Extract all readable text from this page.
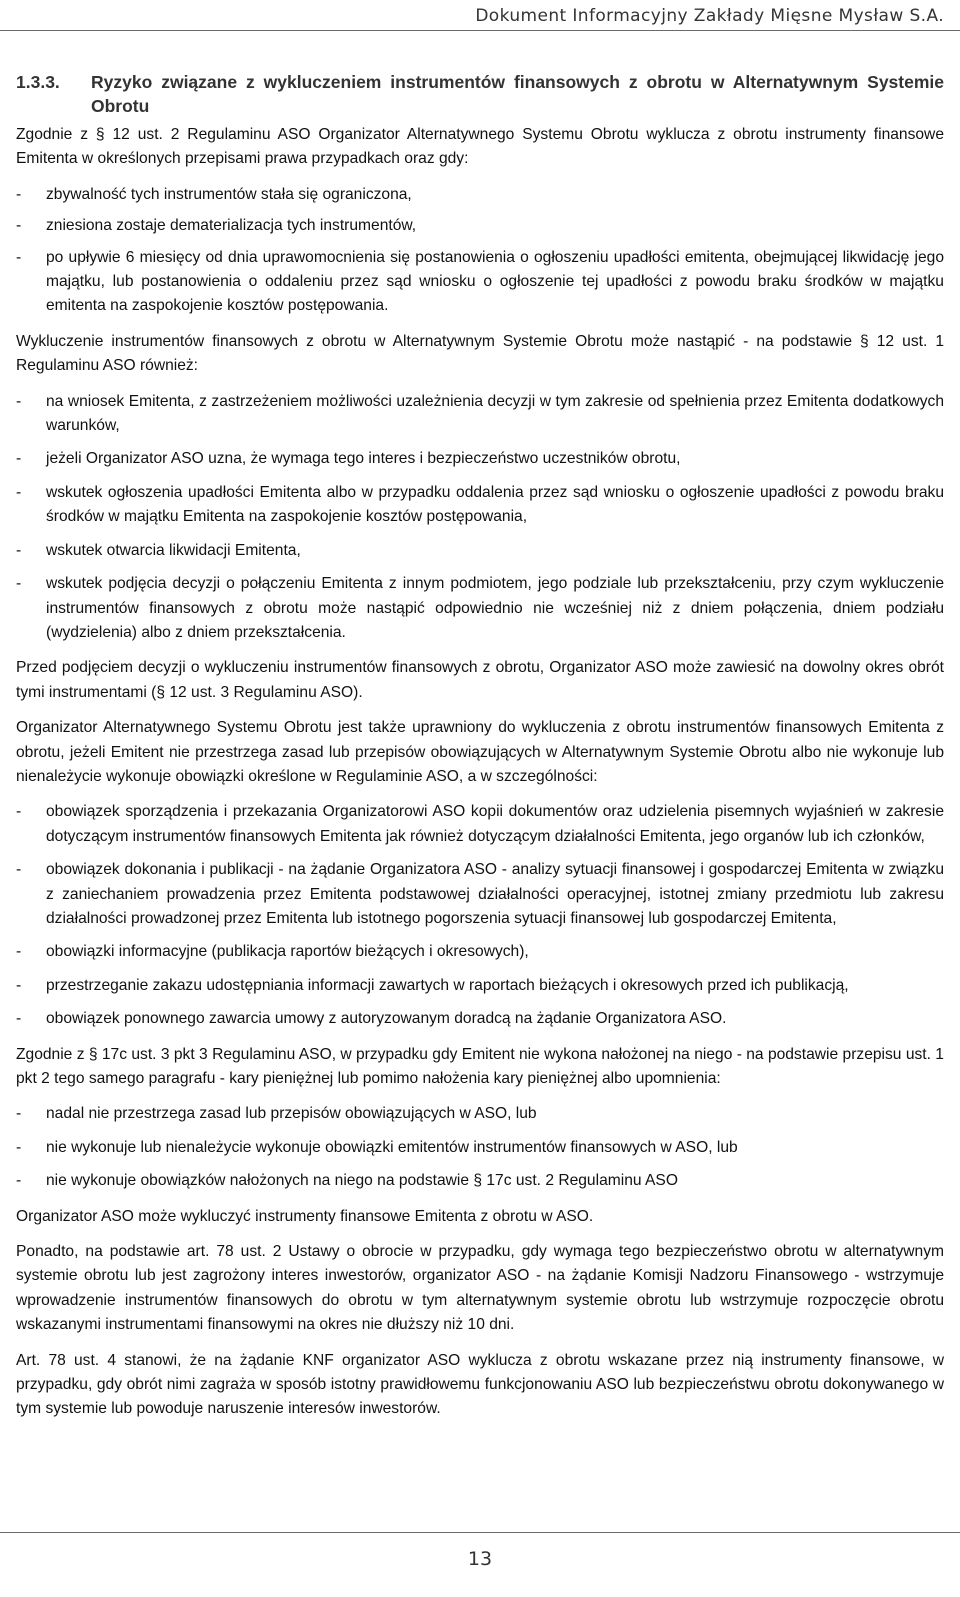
Dokument Informacyjny Zakłady Mięsne Mysław S.A.
1.3.3.	Ryzyko związane z wykluczeniem instrumentów finansowych z obrotu w Alternatywnym Systemie Obrotu

Zgodnie z § 12 ust. 2 Regulaminu ASO Organizator Alternatywnego Systemu Obrotu wyklucza z obrotu instrumenty finansowe Emitenta w określonych przepisami prawa przypadkach oraz gdy:

- zbywalność tych instrumentów stała się ograniczona,
- zniesiona zostaje dematerializacja tych instrumentów,
- po upływie 6 miesięcy od dnia uprawomocnienia się postanowienia o ogłoszeniu upadłości emitenta, obejmującej likwidację jego majątku, lub postanowienia o oddaleniu przez sąd wniosku o ogłoszenie tej upadłości z powodu braku środków w majątku emitenta na zaspokojenie kosztów postępowania.

Wykluczenie instrumentów finansowych z obrotu w Alternatywnym Systemie Obrotu może nastąpić - na podstawie § 12 ust. 1 Regulaminu ASO również:

- na wniosek Emitenta, z zastrzeżeniem możliwości uzależnienia decyzji w tym zakresie od spełnienia przez Emitenta dodatkowych warunków,
- jeżeli Organizator ASO uzna, że wymaga tego interes i bezpieczeństwo uczestników obrotu,
- wskutek ogłoszenia upadłości Emitenta albo w przypadku oddalenia przez sąd wniosku o ogłoszenie upadłości z powodu braku środków w majątku Emitenta na zaspokojenie kosztów postępowania,
- wskutek otwarcia likwidacji Emitenta,
- wskutek podjęcia decyzji o połączeniu Emitenta z innym podmiotem, jego podziale lub przekształceniu, przy czym wykluczenie instrumentów finansowych z obrotu może nastąpić odpowiednio nie wcześniej niż z dniem połączenia, dniem podziału (wydzielenia) albo z dniem przekształcenia.

Przed podjęciem decyzji o wykluczeniu instrumentów finansowych z obrotu, Organizator ASO może zawiesić na dowolny okres obrót tymi instrumentami (§ 12 ust. 3 Regulaminu ASO).

Organizator Alternatywnego Systemu Obrotu jest także uprawniony do wykluczenia z obrotu instrumentów finansowych Emitenta z obrotu, jeżeli Emitent nie przestrzega zasad lub przepisów obowiązujących w Alternatywnym Systemie Obrotu albo nie wykonuje lub nienależycie wykonuje obowiązki określone w Regulaminie ASO, a w szczególności:

- obowiązek sporządzenia i przekazania Organizatorowi ASO kopii dokumentów oraz udzielenia pisemnych wyjaśnień w zakresie dotyczącym instrumentów finansowych Emitenta jak również dotyczącym działalności Emitenta, jego organów lub ich członków,
- obowiązek dokonania i publikacji - na żądanie Organizatora ASO - analizy sytuacji finansowej i gospodarczej Emitenta w związku z zaniechaniem prowadzenia przez Emitenta podstawowej działalności operacyjnej, istotnej zmiany przedmiotu lub zakresu działalności prowadzonej przez Emitenta lub istotnego pogorszenia sytuacji finansowej lub gospodarczej Emitenta,
- obowiązki informacyjne (publikacja raportów bieżących i okresowych),
- przestrzeganie zakazu udostępniania informacji zawartych w raportach bieżących i okresowych przed ich publikacją,
- obowiązek ponownego zawarcia umowy z autoryzowanym doradcą na żądanie Organizatora ASO.

Zgodnie z § 17c ust. 3 pkt 3 Regulaminu ASO, w przypadku gdy Emitent nie wykona nałożonej na niego - na podstawie przepisu ust. 1 pkt 2 tego samego paragrafu - kary pieniężnej lub pomimo nałożenia kary pieniężnej albo upomnienia:

- nadal nie przestrzega zasad lub przepisów obowiązujących w ASO, lub
- nie wykonuje lub nienależycie wykonuje obowiązki emitentów instrumentów finansowych w ASO, lub
- nie wykonuje obowiązków nałożonych na niego na podstawie § 17c ust. 2 Regulaminu ASO

Organizator ASO może wykluczyć instrumenty finansowe Emitenta z obrotu w ASO.

Ponadto, na podstawie art. 78 ust. 2 Ustawy o obrocie w przypadku, gdy wymaga tego bezpieczeństwo obrotu w alternatywnym systemie obrotu lub jest zagrożony interes inwestorów, organizator ASO - na żądanie Komisji Nadzoru Finansowego - wstrzymuje wprowadzenie instrumentów finansowych do obrotu w tym alternatywnym systemie obrotu lub wstrzymuje rozpoczęcie obrotu wskazanymi instrumentami finansowymi na okres nie dłuższy niż 10 dni.

Art. 78 ust. 4 stanowi, że na żądanie KNF organizator ASO wyklucza z obrotu wskazane przez nią instrumenty finansowe, w przypadku, gdy obrót nimi zagraża w sposób istotny prawidłowemu funkcjonowaniu ASO lub bezpieczeństwu obrotu dokonywanego w tym systemie lub powoduje naruszenie interesów inwestorów.

13
